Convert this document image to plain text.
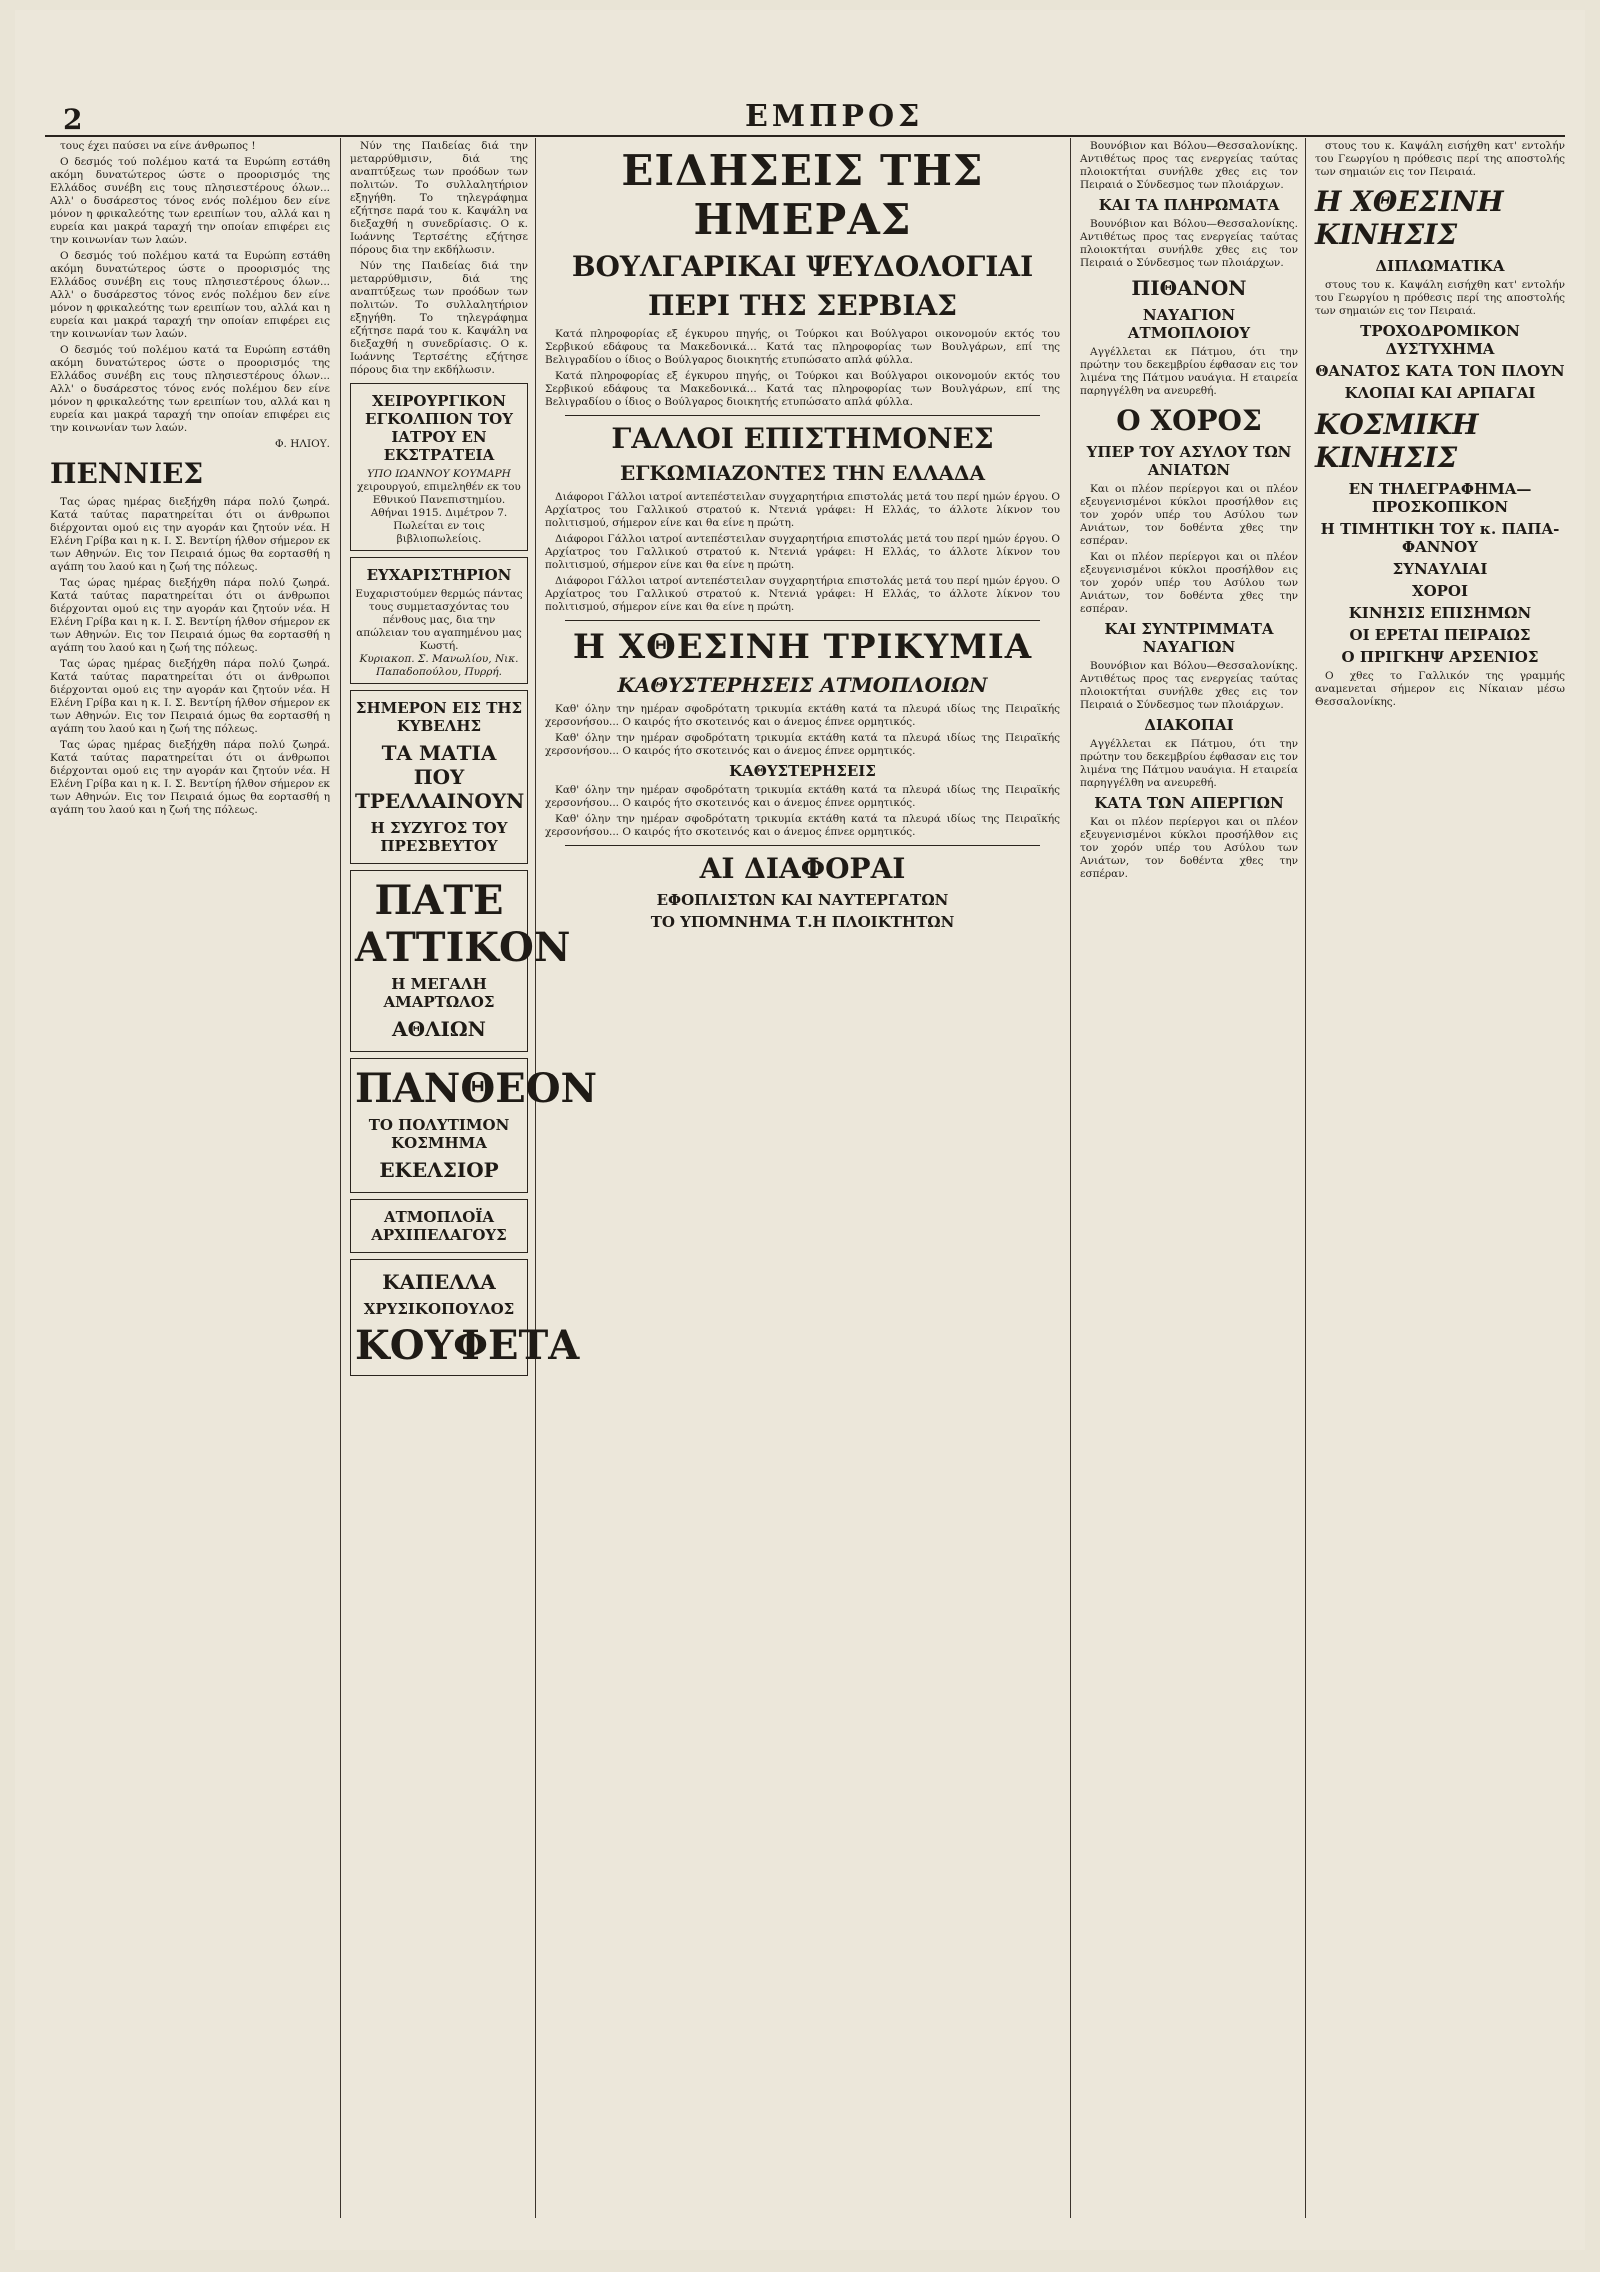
2	ΕΜΠΡΟΣ

τους έχει παύσει να είνε άνθρωπος !

Ο δεσμός τού πολέμου κατά τα Ευρώπη εστάθη ακόμη δυνατώτερος ώστε ο προορισμός της Ελλάδος συνέβη εις τους πλησιεστέρους όλων... Αλλ' ο δυσάρεστος τόνος ενός πολέμου δεν είνε μόνον η φρικαλεότης των ερειπίων του, αλλά και η ευρεία και μακρά ταραχή την οποίαν επιφέρει εις την κοινωνίαν των λαών.

Ο δεσμός τού πολέμου κατά τα Ευρώπη εστάθη ακόμη δυνατώτερος ώστε ο προορισμός της Ελλάδος συνέβη εις τους πλησιεστέρους όλων... Αλλ' ο δυσάρεστος τόνος ενός πολέμου δεν είνε μόνον η φρικαλεότης των ερειπίων του, αλλά και η ευρεία και μακρά ταραχή την οποίαν επιφέρει εις την κοινωνίαν των λαών.

Ο δεσμός τού πολέμου κατά τα Ευρώπη εστάθη ακόμη δυνατώτερος ώστε ο προορισμός της Ελλάδος συνέβη εις τους πλησιεστέρους όλων... Αλλ' ο δυσάρεστος τόνος ενός πολέμου δεν είνε μόνον η φρικαλεότης των ερειπίων του, αλλά και η ευρεία και μακρά ταραχή την οποίαν επιφέρει εις την κοινωνίαν των λαών.

Φ. ΗΛΙΟΥ.

ΠΕΝΝΙΕΣ

Τας ώρας ημέρας διεξήχθη πάρα πολύ ζωηρά. Κατά ταύτας παρατηρείται ότι οι άνθρωποι διέρχονται ομού εις την αγοράν και ζητούν νέα. Η Ελένη Γρίβα και η κ. Ι. Σ. Βεντίρη ήλθον σήμερον εκ των Αθηνών. Εις τον Πειραιά όμως θα εορτασθή η αγάπη του λαού και η ζωή της πόλεως.

Τας ώρας ημέρας διεξήχθη πάρα πολύ ζωηρά. Κατά ταύτας παρατηρείται ότι οι άνθρωποι διέρχονται ομού εις την αγοράν και ζητούν νέα. Η Ελένη Γρίβα και η κ. Ι. Σ. Βεντίρη ήλθον σήμερον εκ των Αθηνών. Εις τον Πειραιά όμως θα εορτασθή η αγάπη του λαού και η ζωή της πόλεως.

Τας ώρας ημέρας διεξήχθη πάρα πολύ ζωηρά. Κατά ταύτας παρατηρείται ότι οι άνθρωποι διέρχονται ομού εις την αγοράν και ζητούν νέα. Η Ελένη Γρίβα και η κ. Ι. Σ. Βεντίρη ήλθον σήμερον εκ των Αθηνών. Εις τον Πειραιά όμως θα εορτασθή η αγάπη του λαού και η ζωή της πόλεως.

Τας ώρας ημέρας διεξήχθη πάρα πολύ ζωηρά. Κατά ταύτας παρατηρείται ότι οι άνθρωποι διέρχονται ομού εις την αγοράν και ζητούν νέα. Η Ελένη Γρίβα και η κ. Ι. Σ. Βεντίρη ήλθον σήμερον εκ των Αθηνών. Εις τον Πειραιά όμως θα εορτασθή η αγάπη του λαού και η ζωή της πόλεως.

Νύν της Παιδείας διά την μεταρρύθμισιν, διά της αναπτύξεως των προόδων των πολιτών. Το συλλαλητήριον εξηγήθη. Το τηλεγράφημα εζήτησε παρά του κ. Καψάλη να διεξαχθή η συνεδρίασις. Ο κ. Ιωάννης Τερτσέτης εζήτησε πόρους δια την εκδήλωσιν.

Νύν της Παιδείας διά την μεταρρύθμισιν, διά της αναπτύξεως των προόδων των πολιτών. Το συλλαλητήριον εξηγήθη. Το τηλεγράφημα εζήτησε παρά του κ. Καψάλη να διεξαχθή η συνεδρίασις. Ο κ. Ιωάννης Τερτσέτης εζήτησε πόρους δια την εκδήλωσιν.

ΧΕΙΡΟΥΡΓΙΚΟΝ ΕΓΚΟΛΠΙΟΝ ΤΟΥ ΙΑΤΡΟΥ ΕΝ ΕΚΣΤΡΑΤΕΙΑ
ΥΠΟ ΙΩΑΝΝΟΥ ΚΟΥΜΑΡΗ
χειρουργού, επιμεληθέν εκ του Εθνικού Πανεπιστημίου. Αθήναι 1915. Διμέτρον 7. Πωλείται εν τοις βιβλιοπωλείοις.
ΕΥΧΑΡΙΣΤΗΡΙΟΝ
Ευχαριστούμεν θερμώς πάντας τους συμμετασχόντας του πένθους μας, δια την απώλειαν του αγαπημένου μας Κωστή.
Κυριακοπ. Σ. Μανωλίου, Νικ. Παπαδοπούλου, Πυρρή.
ΣΗΜΕΡΟΝ ΕΙΣ ΤΗΣ ΚΥΒΕΛΗΣ
ΤΑ ΜΑΤΙΑ ΠΟΥ ΤΡΕΛΛΑΙΝΟΥΝ
Η ΣΥΖΥΓΟΣ ΤΟΥ ΠΡΕΣΒΕΥΤΟΥ
ΠΑΤΕ ΑΤΤΙΚΟΝ
Η ΜΕΓΑΛΗ ΑΜΑΡΤΩΛΟΣ
ΑΘΛΙΩΝ
ΠΑΝΘΕΟΝ
ΤΟ ΠΟΛΥΤΙΜΟΝ ΚΟΣΜΗΜΑ
ΕΚΕΛΣΙΟΡ
ΑΤΜΟΠΛΟΪΑ ΑΡΧΙΠΕΛΑΓΟΥΣ
ΚΑΠΕΛΛΑ
ΧΡΥΣΙΚΟΠΟΥΛΟΣ
ΚΟΥΦΕΤΑ
ΕΙΔΗΣΕΙΣ ΤΗΣ ΗΜΕΡΑΣ
ΒΟΥΛΓΑΡΙΚΑΙ ΨΕΥΔΟΛΟΓΙΑΙ
ΠΕΡΙ ΤΗΣ ΣΕΡΒΙΑΣ

Κατά πληροφορίας εξ έγκυρου πηγής, οι Τούρκοι και Βούλγαροι οικονομούν εκτός του Σερβικού εδάφους τα Μακεδονικά... Κατά τας πληροφορίας των Βουλγάρων, επί της Βελιγραδίου ο ίδιος ο Βούλγαρος διοικητής ετυπώσατο απλά φύλλα.

Κατά πληροφορίας εξ έγκυρου πηγής, οι Τούρκοι και Βούλγαροι οικονομούν εκτός του Σερβικού εδάφους τα Μακεδονικά... Κατά τας πληροφορίας των Βουλγάρων, επί της Βελιγραδίου ο ίδιος ο Βούλγαρος διοικητής ετυπώσατο απλά φύλλα.

ΓΑΛΛΟΙ ΕΠΙΣΤΗΜΟΝΕΣ
ΕΓΚΩΜΙΑΖΟΝΤΕΣ ΤΗΝ ΕΛΛΑΔΑ

Διάφοροι Γάλλοι ιατροί αντεπέστειλαν συγχαρητήρια επιστολάς μετά του περί ημών έργου. Ο Αρχίατρος του Γαλλικού στρατού κ. Ντενιά γράφει: Η Ελλάς, το άλλοτε λίκνον του πολιτισμού, σήμερον είνε και θα είνε η πρώτη.

Διάφοροι Γάλλοι ιατροί αντεπέστειλαν συγχαρητήρια επιστολάς μετά του περί ημών έργου. Ο Αρχίατρος του Γαλλικού στρατού κ. Ντενιά γράφει: Η Ελλάς, το άλλοτε λίκνον του πολιτισμού, σήμερον είνε και θα είνε η πρώτη.

Διάφοροι Γάλλοι ιατροί αντεπέστειλαν συγχαρητήρια επιστολάς μετά του περί ημών έργου. Ο Αρχίατρος του Γαλλικού στρατού κ. Ντενιά γράφει: Η Ελλάς, το άλλοτε λίκνον του πολιτισμού, σήμερον είνε και θα είνε η πρώτη.

Η ΧΘΕΣΙΝΗ ΤΡΙΚΥΜΙΑ
ΚΑΘΥΣΤΕΡΗΣΕΙΣ ΑΤΜΟΠΛΟΙΩΝ

Καθ' όλην την ημέραν σφοδρότατη τρικυμία εκτάθη κατά τα πλευρά ιδίως της Πειραϊκής χερσονήσου... Ο καιρός ήτο σκοτεινός και ο άνεμος έπνεε ορμητικός.

Καθ' όλην την ημέραν σφοδρότατη τρικυμία εκτάθη κατά τα πλευρά ιδίως της Πειραϊκής χερσονήσου... Ο καιρός ήτο σκοτεινός και ο άνεμος έπνεε ορμητικός.

ΚΑΘΥΣΤΕΡΗΣΕΙΣ

Καθ' όλην την ημέραν σφοδρότατη τρικυμία εκτάθη κατά τα πλευρά ιδίως της Πειραϊκής χερσονήσου... Ο καιρός ήτο σκοτεινός και ο άνεμος έπνεε ορμητικός.

Καθ' όλην την ημέραν σφοδρότατη τρικυμία εκτάθη κατά τα πλευρά ιδίως της Πειραϊκής χερσονήσου... Ο καιρός ήτο σκοτεινός και ο άνεμος έπνεε ορμητικός.

ΑΙ ΔΙΑΦΟΡΑΙ
ΕΦΟΠΛΙΣΤΩΝ ΚΑΙ ΝΑΥΤΕΡΓΑΤΩΝ
ΤΟ ΥΠΟΜΝΗΜΑ Τ.Η ΠΛΟΙΚΤΗΤΩΝ

Βουνόβιον και Βόλου—Θεσσαλονίκης. Αντιθέτως προς τας ενεργείας ταύτας πλοιοκτήται συνήλθε χθες εις τον Πειραιά ο Σύνδεσμος των πλοιάρχων.

ΚΑΙ ΤΑ ΠΛΗΡΩΜΑΤΑ

Βουνόβιον και Βόλου—Θεσσαλονίκης. Αντιθέτως προς τας ενεργείας ταύτας πλοιοκτήται συνήλθε χθες εις τον Πειραιά ο Σύνδεσμος των πλοιάρχων.

ΠΙΘΑΝΟΝ
ΝΑΥΑΓΙΟΝ ΑΤΜΟΠΛΟΙΟΥ

Αγγέλλεται εκ Πάτμου, ότι την πρώτην του δεκεμβρίου έφθασαν εις τον λιμένα της Πάτμου ναυάγια. Η εταιρεία παρηγγέλθη να ανευρεθή.

Ο ΧΟΡΟΣ
ΥΠΕΡ ΤΟΥ ΑΣΥΛΟΥ ΤΩΝ ΑΝΙΑΤΩΝ

Και οι πλέον περίεργοι και οι πλέον εξευγενισμένοι κύκλοι προσήλθον εις τον χορόν υπέρ του Ασύλου των Ανιάτων, τον δοθέντα χθες την εσπέραν.

Και οι πλέον περίεργοι και οι πλέον εξευγενισμένοι κύκλοι προσήλθον εις τον χορόν υπέρ του Ασύλου των Ανιάτων, τον δοθέντα χθες την εσπέραν.

ΚΑΙ ΣΥΝΤΡΙΜΜΑΤΑ ΝΑΥΑΓΙΩΝ

Βουνόβιον και Βόλου—Θεσσαλονίκης. Αντιθέτως προς τας ενεργείας ταύτας πλοιοκτήται συνήλθε χθες εις τον Πειραιά ο Σύνδεσμος των πλοιάρχων.

ΔΙΑΚΟΠΑΙ

Αγγέλλεται εκ Πάτμου, ότι την πρώτην του δεκεμβρίου έφθασαν εις τον λιμένα της Πάτμου ναυάγια. Η εταιρεία παρηγγέλθη να ανευρεθή.

ΚΑΤΑ ΤΩΝ ΑΠΕΡΓΙΩΝ

Και οι πλέον περίεργοι και οι πλέον εξευγενισμένοι κύκλοι προσήλθον εις τον χορόν υπέρ του Ασύλου των Ανιάτων, τον δοθέντα χθες την εσπέραν.

στους του κ. Καψάλη εισήχθη κατ' εντολήν του Γεωργίου η πρόθεσις περί της αποστολής των σημαιών εις τον Πειραιά.

Η ΧΘΕΣΙΝΗ ΚΙΝΗΣΙΣ
ΔΙΠΛΩΜΑΤΙΚΑ

στους του κ. Καψάλη εισήχθη κατ' εντολήν του Γεωργίου η πρόθεσις περί της αποστολής των σημαιών εις τον Πειραιά.

ΤΡΟΧΟΔΡΟΜΙΚΟΝ ΔΥΣΤΥΧΗΜΑ
ΘΑΝΑΤΟΣ ΚΑΤΑ ΤΟΝ ΠΛΟΥΝ
ΚΛΟΠΑΙ ΚΑΙ ΑΡΠΑΓΑΙ
ΚΟΣΜΙΚΗ ΚΙΝΗΣΙΣ
ΕΝ ΤΗΛΕΓΡΑΦΗΜΑ—ΠΡΟΣΚΟΠΙΚΟΝ
Η ΤΙΜΗΤΙΚΗ ΤΟΥ κ. ΠΑΠΑ-ΦΑΝΝΟΥ
ΣΥΝΑΥΛΙΑΙ
ΧΟΡΟΙ
ΚΙΝΗΣΙΣ ΕΠΙΣΗΜΩΝ
ΟΙ ΕΡΕΤΑΙ ΠΕΙΡΑΙΩΣ
Ο ΠΡΙΓΚΗΨ ΑΡΣΕΝΙΟΣ

Ο χθες το Γαλλικόν της γραμμής αναμενεται σήμερον εις Νίκαιαν μέσω Θεσσαλονίκης.
